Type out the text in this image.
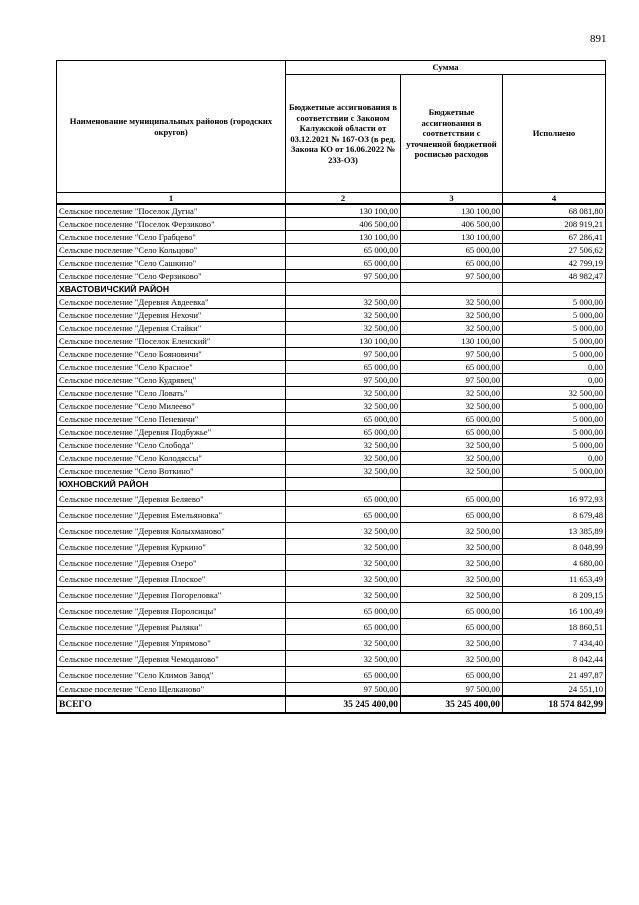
891
Наименование муниципальных районов (городских округов)	Сумма		
	Бюджетные ассигнования в соответствии с Законом Калужской области от 03.12.2021 № 167-ОЗ (в ред. Закона КО от 16.06.2022 № 233-ОЗ)	Бюджетные ассигнования в соответствии с уточненной бюджетной росписью расходов	Исполнено
1	2	3	4
Сельское поселение "Поселок Дугна"	130 100,00	130 100,00	68 081,80
Сельское поселение "Поселок Ферзиково"	406 500,00	406 500,00	208 919,21
Сельское поселение "Село Грабцево"	130 100,00	130 100,00	67 286,41
Сельское поселение "Село Кольцово"	65 000,00	65 000,00	27 506,62
Сельское поселение "Село Сашкино"	65 000,00	65 000,00	42 799,19
Сельское поселение "Село Ферзиково"	97 500,00	97 500,00	48 982,47
ХВАСТОВИЧСКИЙ РАЙОН			
Сельское поселение "Деревня Авдеевка"	32 500,00	32 500,00	5 000,00
Сельское поселение "Деревня Нехочи"	32 500,00	32 500,00	5 000,00
Сельское поселение "Деревня Стайки"	32 500,00	32 500,00	5 000,00
Сельское поселение "Поселок Еленский"	130 100,00	130 100,00	5 000,00
Сельское поселение "Село Бояновичи"	97 500,00	97 500,00	5 000,00
Сельское поселение "Село Красное"	65 000,00	65 000,00	0,00
Сельское поселение "Село Кудрявец"	97 500,00	97 500,00	0,00
Сельское поселение "Село Ловать"	32 500,00	32 500,00	32 500,00
Сельское поселение "Село Милеево"	32 500,00	32 500,00	5 000,00
Сельское поселение "Село Пеневичи"	65 000,00	65 000,00	5 000,00
Сельское поселение "Деревня Подбужье"	65 000,00	65 000,00	5 000,00
Сельское поселение "Село Слобода"	32 500,00	32 500,00	5 000,00
Сельское поселение "Село Колодяссы"	32 500,00	32 500,00	0,00
Сельское поселение "Село Воткино"	32 500,00	32 500,00	5 000,00
ЮХНОВСКИЙ РАЙОН			
Сельское поселение "Деревня Беляево"	65 000,00	65 000,00	16 972,93
Сельское поселение "Деревня Емельяновка"	65 000,00	65 000,00	8 679,48
Сельское поселение "Деревня Колыхманово"	32 500,00	32 500,00	13 385,89
Сельское поселение "Деревня Куркино"	32 500,00	32 500,00	8 048,99
Сельское поселение "Деревня Озеро"	32 500,00	32 500,00	4 680,00
Сельское поселение "Деревня Плоское"	32 500,00	32 500,00	11 653,49
Сельское поселение "Деревня Погореловка"	32 500,00	32 500,00	8 209,15
Сельское поселение "Деревня Поролсицы"	65 000,00	65 000,00	16 100,49
Сельское поселение "Деревня Рыляки"	65 000,00	65 000,00	18 860,51
Сельское поселение "Деревня Упрямово"	32 500,00	32 500,00	7 434,40
Сельское поселение "Деревня Чемоданово"	32 500,00	32 500,00	8 042,44
Сельское поселение "Село Климов Завод"	65 000,00	65 000,00	21 497,87
Сельское поселение "Село Щелканово"	97 500,00	97 500,00	24 551,10
ВСЕГО	35 245 400,00	35 245 400,00	18 574 842,99
